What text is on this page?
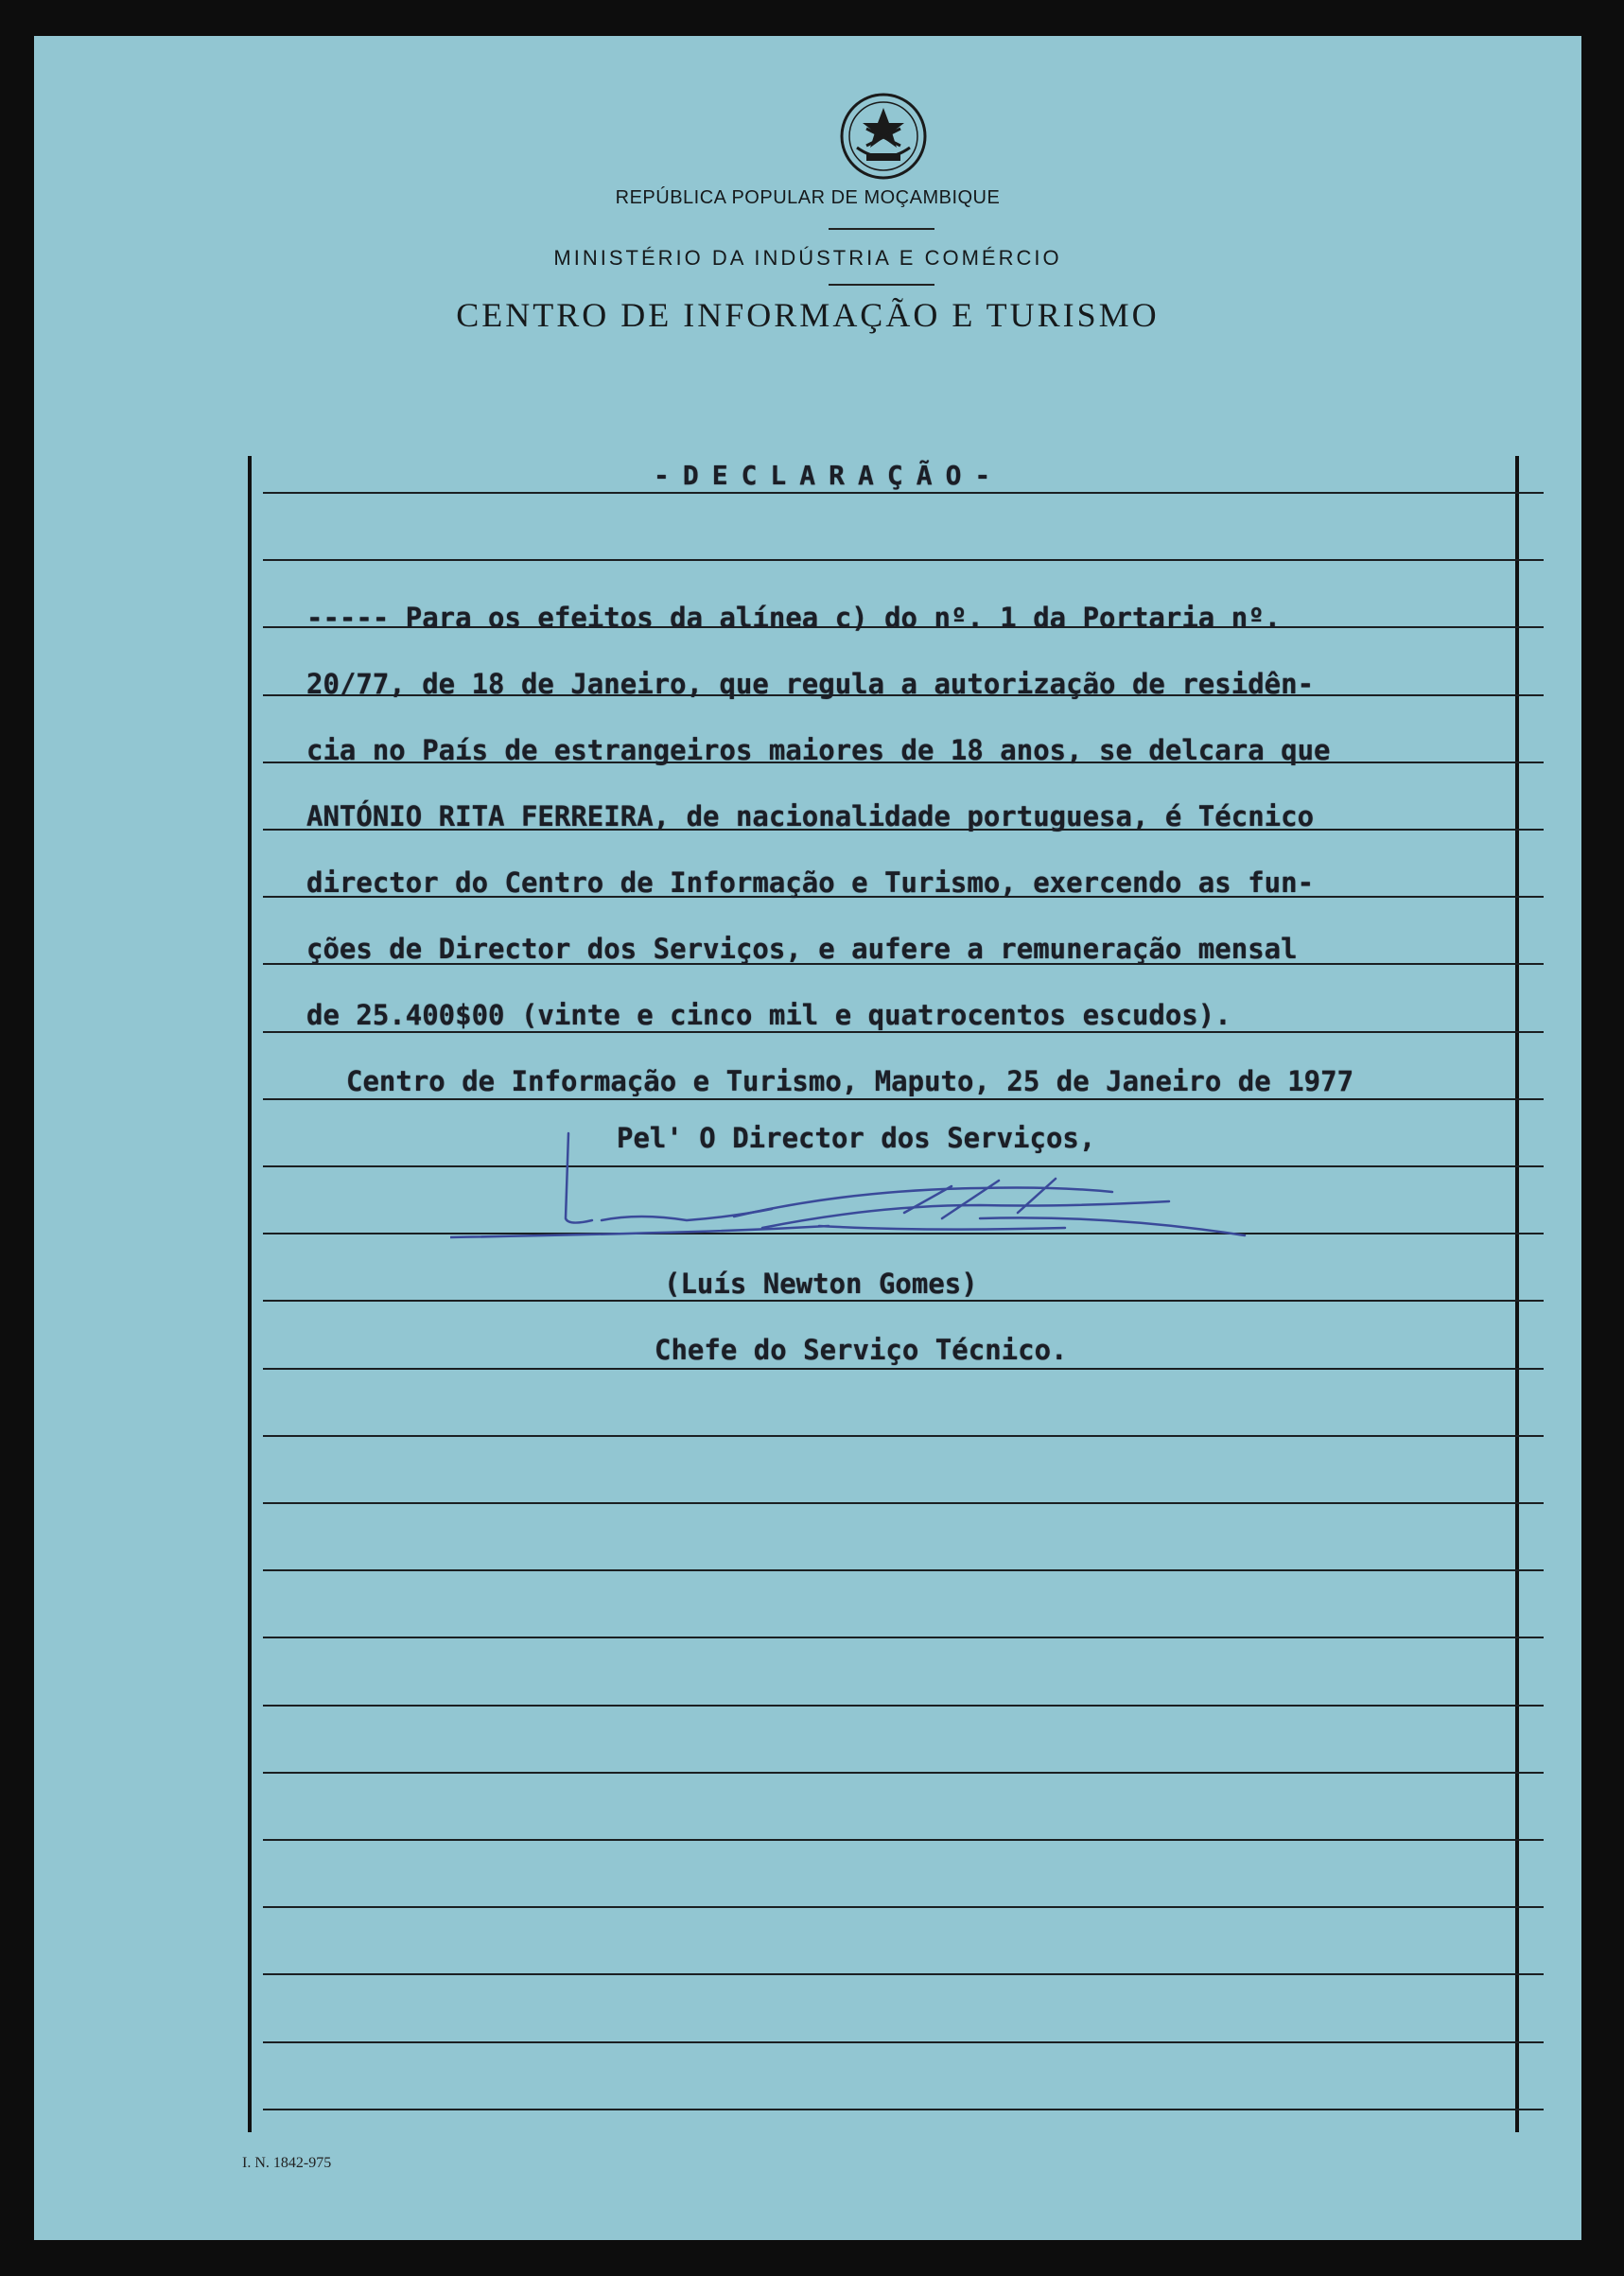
REPÚBLICA POPULAR DE MOÇAMBIQUE
MINISTÉRIO DA INDÚSTRIA E COMÉRCIO
CENTRO DE INFORMAÇÃO E TURISMO
-DECLARAÇÃO-
----- Para os efeitos da alínea c) do nº. 1 da Portaria nº.
20/77, de 18 de Janeiro, que regula a autorização de residên-
cia no País de estrangeiros maiores de 18 anos, se delcara que
ANTÓNIO RITA FERREIRA, de nacionalidade portuguesa, é Técnico
director do Centro de Informação e Turismo, exercendo as fun-
ções de Director dos Serviços, e aufere a remuneração mensal
de 25.400$00 (vinte e cinco mil e quatrocentos escudos).
Centro de Informação e Turismo, Maputo, 25 de Janeiro de 1977
Pel' O Director dos Serviços,
(Luís Newton Gomes)
Chefe do Serviço Técnico.
I. N. 1842-975
